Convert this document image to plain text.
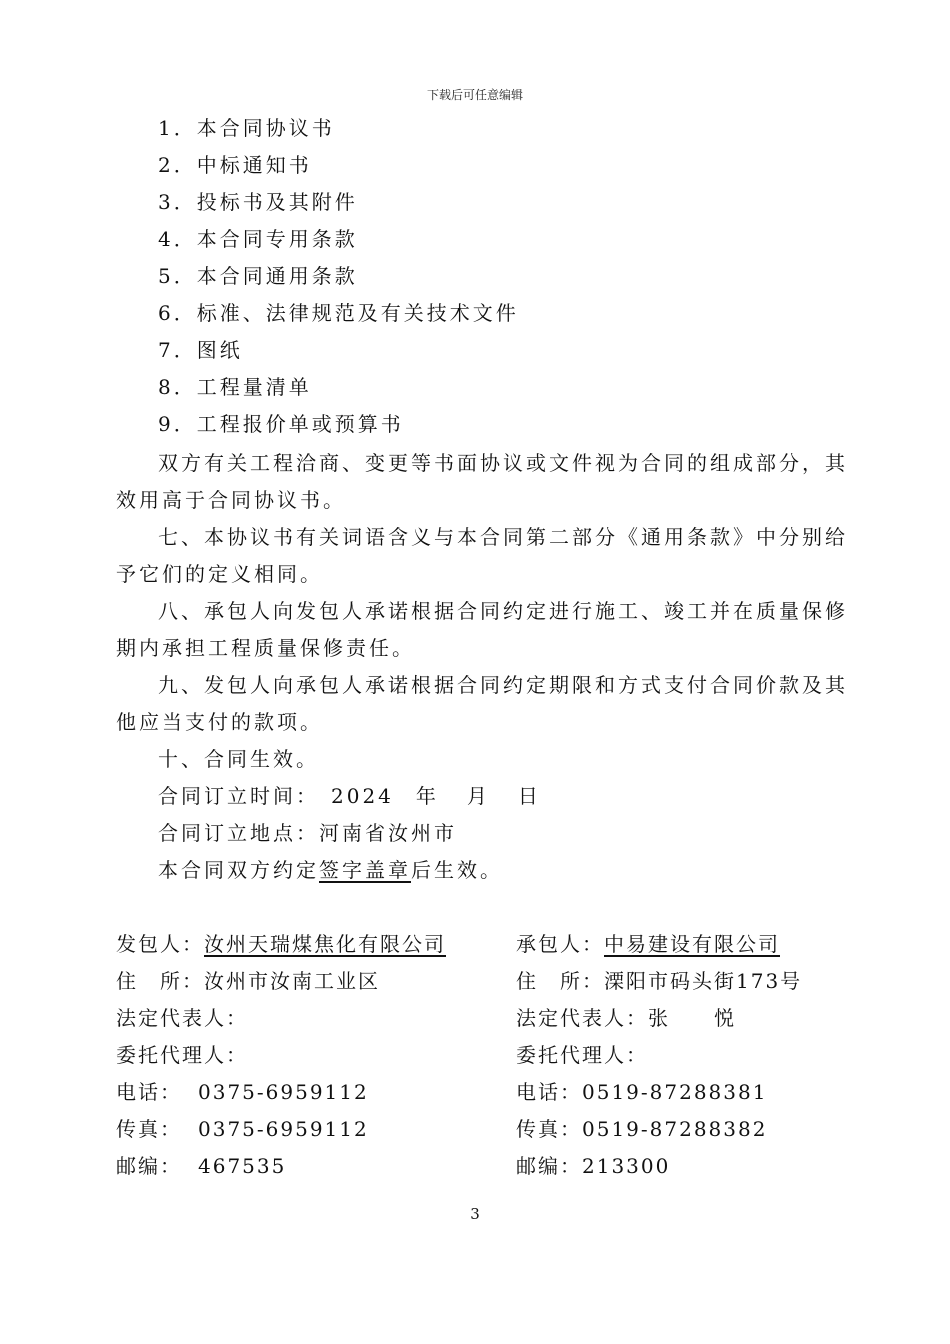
下载后可任意编辑
1．本合同协议书
2．中标通知书
3．投标书及其附件
4．本合同专用条款
5．本合同通用条款
6．标准、法律规范及有关技术文件
7．图纸
8．工程量清单
9．工程报价单或预算书
双方有关工程洽商、变更等书面协议或文件视为合同的组成部分，其
效用高于合同协议书。
七、本协议书有关词语含义与本合同第二部分《通用条款》中分别给
予它们的定义相同。
八、承包人向发包人承诺根据合同约定进行施工、竣工并在质量保修
期内承担工程质量保修责任。
九、发包人向承包人承诺根据合同约定期限和方式支付合同价款及其
他应当支付的款项。
十、合同生效。
合同订立时间： 2024 年 月 日
合同订立地点：河南省汝州市
本合同双方约定签字盖章后生效。
发包人：汝州天瑞煤焦化有限公司
住　所：汝州市汝南工业区
法定代表人：
委托代理人：
电话： 0375-6959112
传真： 0375-6959112
邮编： 467535
承包人：中易建设有限公司
住　所：溧阳市码头街173号
法定代表人：张　　悦
委托代理人：
电话：0519-87288381
传真：0519-87288382
邮编：213300
3
